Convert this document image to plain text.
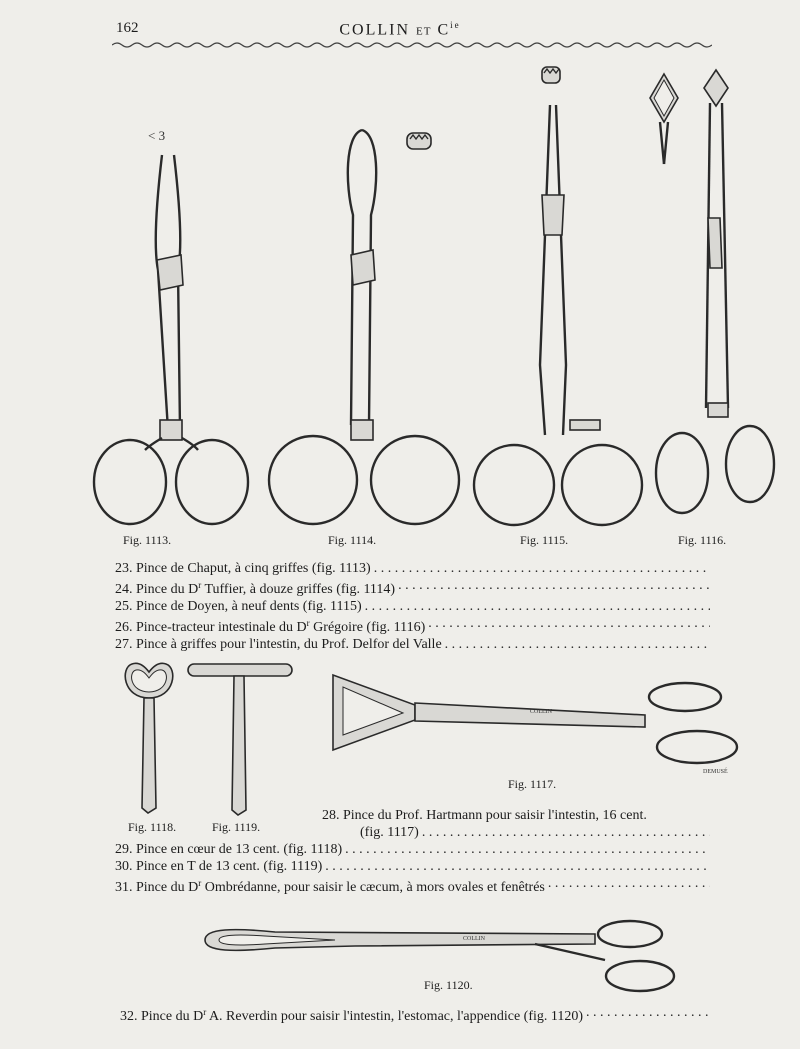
162	COLLIN ET $C^{ie}$
< 3
Fig. 1113.	Fig. 1114.	Fig. 1115.	Fig. 1116.
23. Pince de Chaput, à cinq griffes (fig. 1113)
. . .
24. Pince du $D^r$ Tuffier, à douze griffes (fig. 1114)
. . .
25. Pince de Doyen, à neuf dents (fig. 1115)
. . .
26. Pince-tracteur intestinale du $D^r$ Grégoire (fig. 1116)
. . .
27. Pince à griffes pour l'intestin, du Prof. Delfor del Valle
. . .
Fig. 1118.	Fig. 1119.
COLLIN
DEMUSÉ
Fig. 1117.
28. Pince du Prof. Hartmann pour saisir l'intestin, 16 cent.
(fig. 1117)
. . .
29. Pince en cœur de 13 cent. (fig. 1118)
. . .
30. Pince en T de 13 cent. (fig. 1119)
. . .
31. Pince du $D^r$ Ombrédanne, pour saisir le cæcum, à mors ovales et fenêtrés
. . .
COLLIN
Fig. 1120.
32. Pince du $D^r$ A. Reverdin pour saisir l'intestin, l'estomac, l'appendice (fig. 1120)
. . .
